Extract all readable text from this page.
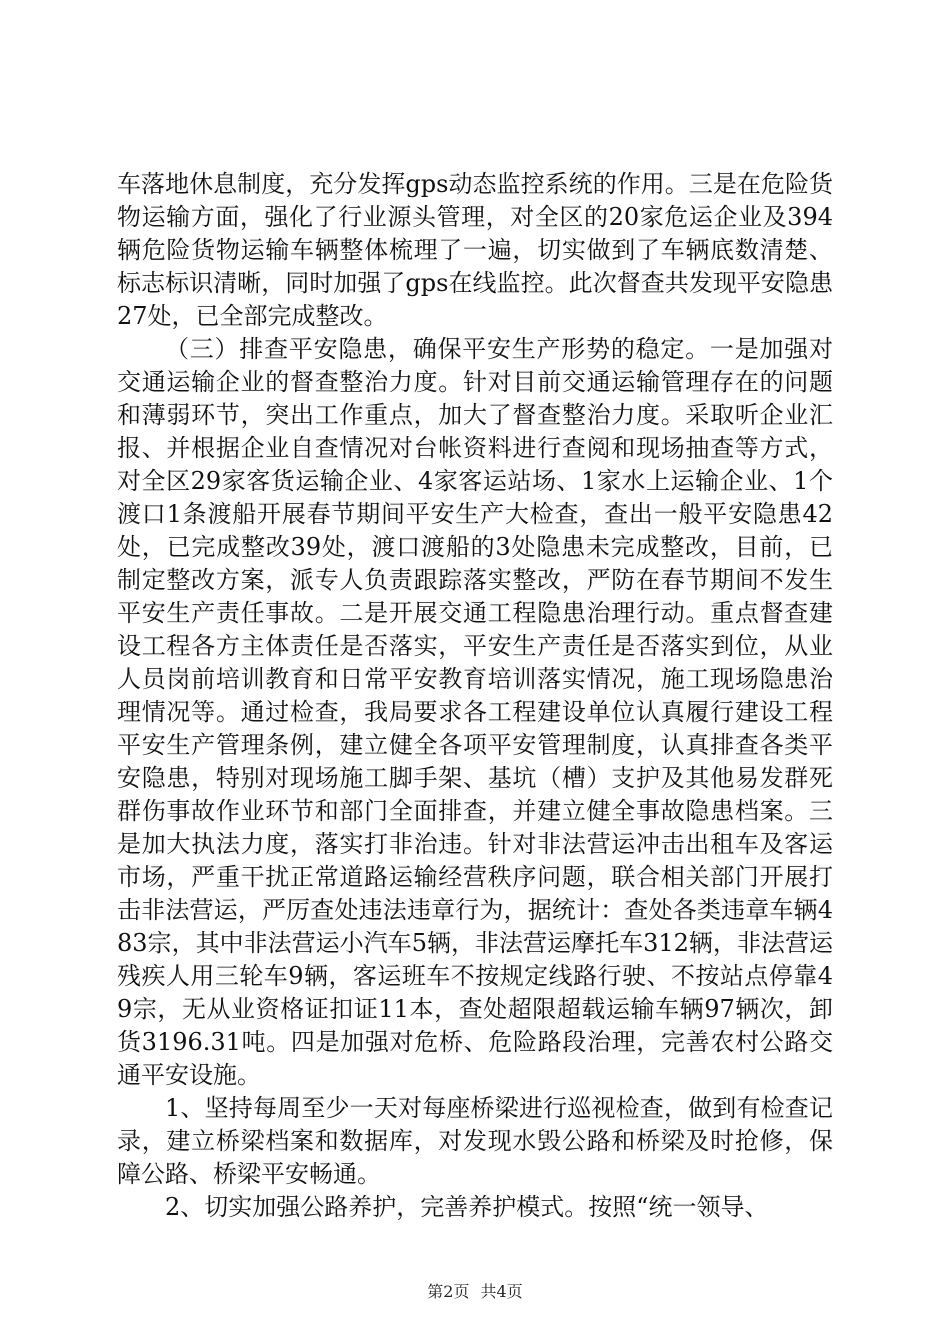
车落地休息制度，充分发挥gps动态监控系统的作用。三是在危险货物运输方面，强化了行业源头管理，对全区的20家危运企业及394辆危险货物运输车辆整体梳理了一遍，切实做到了车辆底数清楚、标志标识清晰，同时加强了gps在线监控。此次督查共发现平安隐患27处，已全部完成整改。

（三）排查平安隐患，确保平安生产形势的稳定。一是加强对交通运输企业的督查整治力度。针对目前交通运输管理存在的问题和薄弱环节，突出工作重点，加大了督查整治力度。采取听企业汇报、并根据企业自查情况对台帐资料进行查阅和现场抽查等方式，对全区29家客货运输企业、4家客运站场、1家水上运输企业、1个渡口1条渡船开展春节期间平安生产大检查，查出一般平安隐患42处，已完成整改39处，渡口渡船的3处隐患未完成整改，目前，已制定整改方案，派专人负责跟踪落实整改，严防在春节期间不发生平安生产责任事故。二是开展交通工程隐患治理行动。重点督查建设工程各方主体责任是否落实，平安生产责任是否落实到位，从业人员岗前培训教育和日常平安教育培训落实情况，施工现场隐患治理情况等。通过检查，我局要求各工程建设单位认真履行建设工程平安生产管理条例，建立健全各项平安管理制度，认真排查各类平安隐患，特别对现场施工脚手架、基坑（槽）支护及其他易发群死群伤事故作业环节和部门全面排查，并建立健全事故隐患档案。三是加大执法力度，落实打非治违。针对非法营运冲击出租车及客运市场，严重干扰正常道路运输经营秩序问题，联合相关部门开展打击非法营运，严厉查处违法违章行为，据统计：查处各类违章车辆483宗，其中非法营运小汽车5辆，非法营运摩托车312辆，非法营运残疾人用三轮车9辆，客运班车不按规定线路行驶、不按站点停靠49宗，无从业资格证扣证11本，查处超限超载运输车辆97辆次，卸货3196.31吨。四是加强对危桥、危险路段治理，完善农村公路交通平安设施。

1、坚持每周至少一天对每座桥梁进行巡视检查，做到有检查记录，建立桥梁档案和数据库，对发现水毁公路和桥梁及时抢修，保障公路、桥梁平安畅通。

2、切实加强公路养护，完善养护模式。按照“统一领导、

第2页 共4页
